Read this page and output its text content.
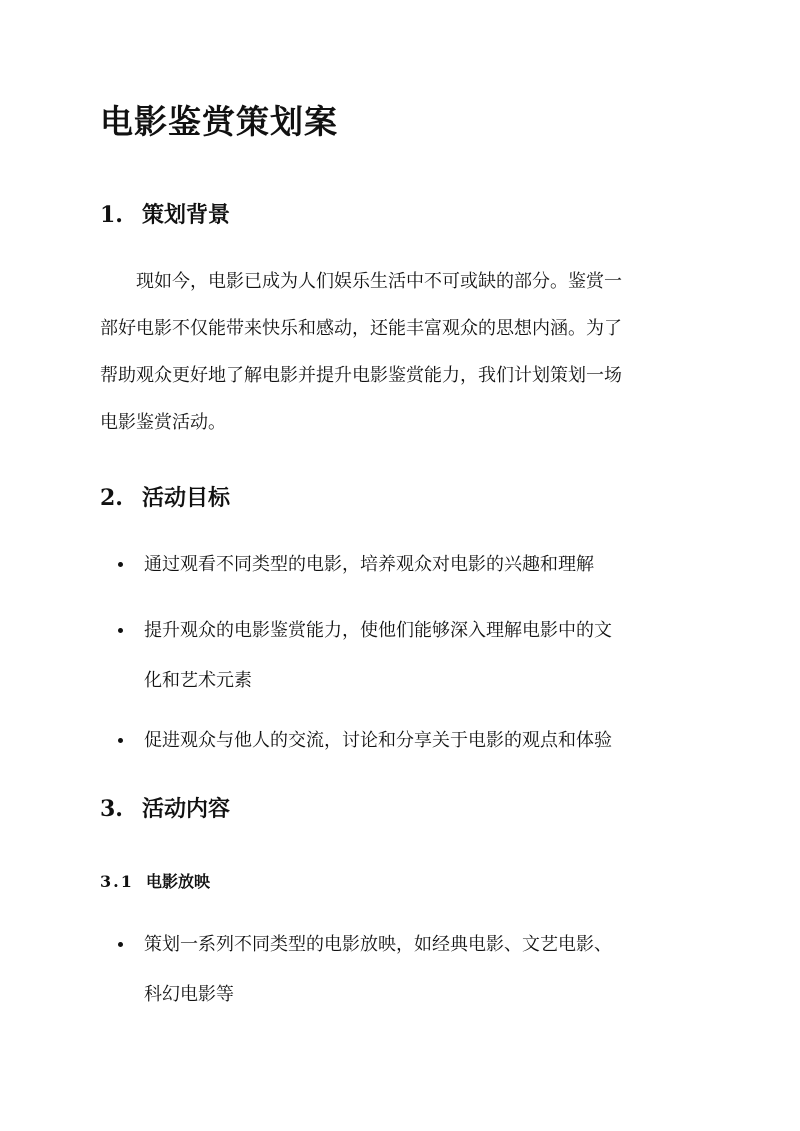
电影鉴赏策划案
1. 策划背景
　　现如今，电影已成为人们娱乐生活中不可或缺的部分。鉴赏一
部好电影不仅能带来快乐和感动，还能丰富观众的思想内涵。为了
帮助观众更好地了解电影并提升电影鉴赏能力，我们计划策划一场
电影鉴赏活动。
2. 活动目标
通过观看不同类型的电影，培养观众对电影的兴趣和理解
提升观众的电影鉴赏能力，使他们能够深入理解电影中的文
化和艺术元素
促进观众与他人的交流，讨论和分享关于电影的观点和体验
3. 活动内容
3.1 电影放映
策划一系列不同类型的电影放映，如经典电影、文艺电影、
科幻电影等
